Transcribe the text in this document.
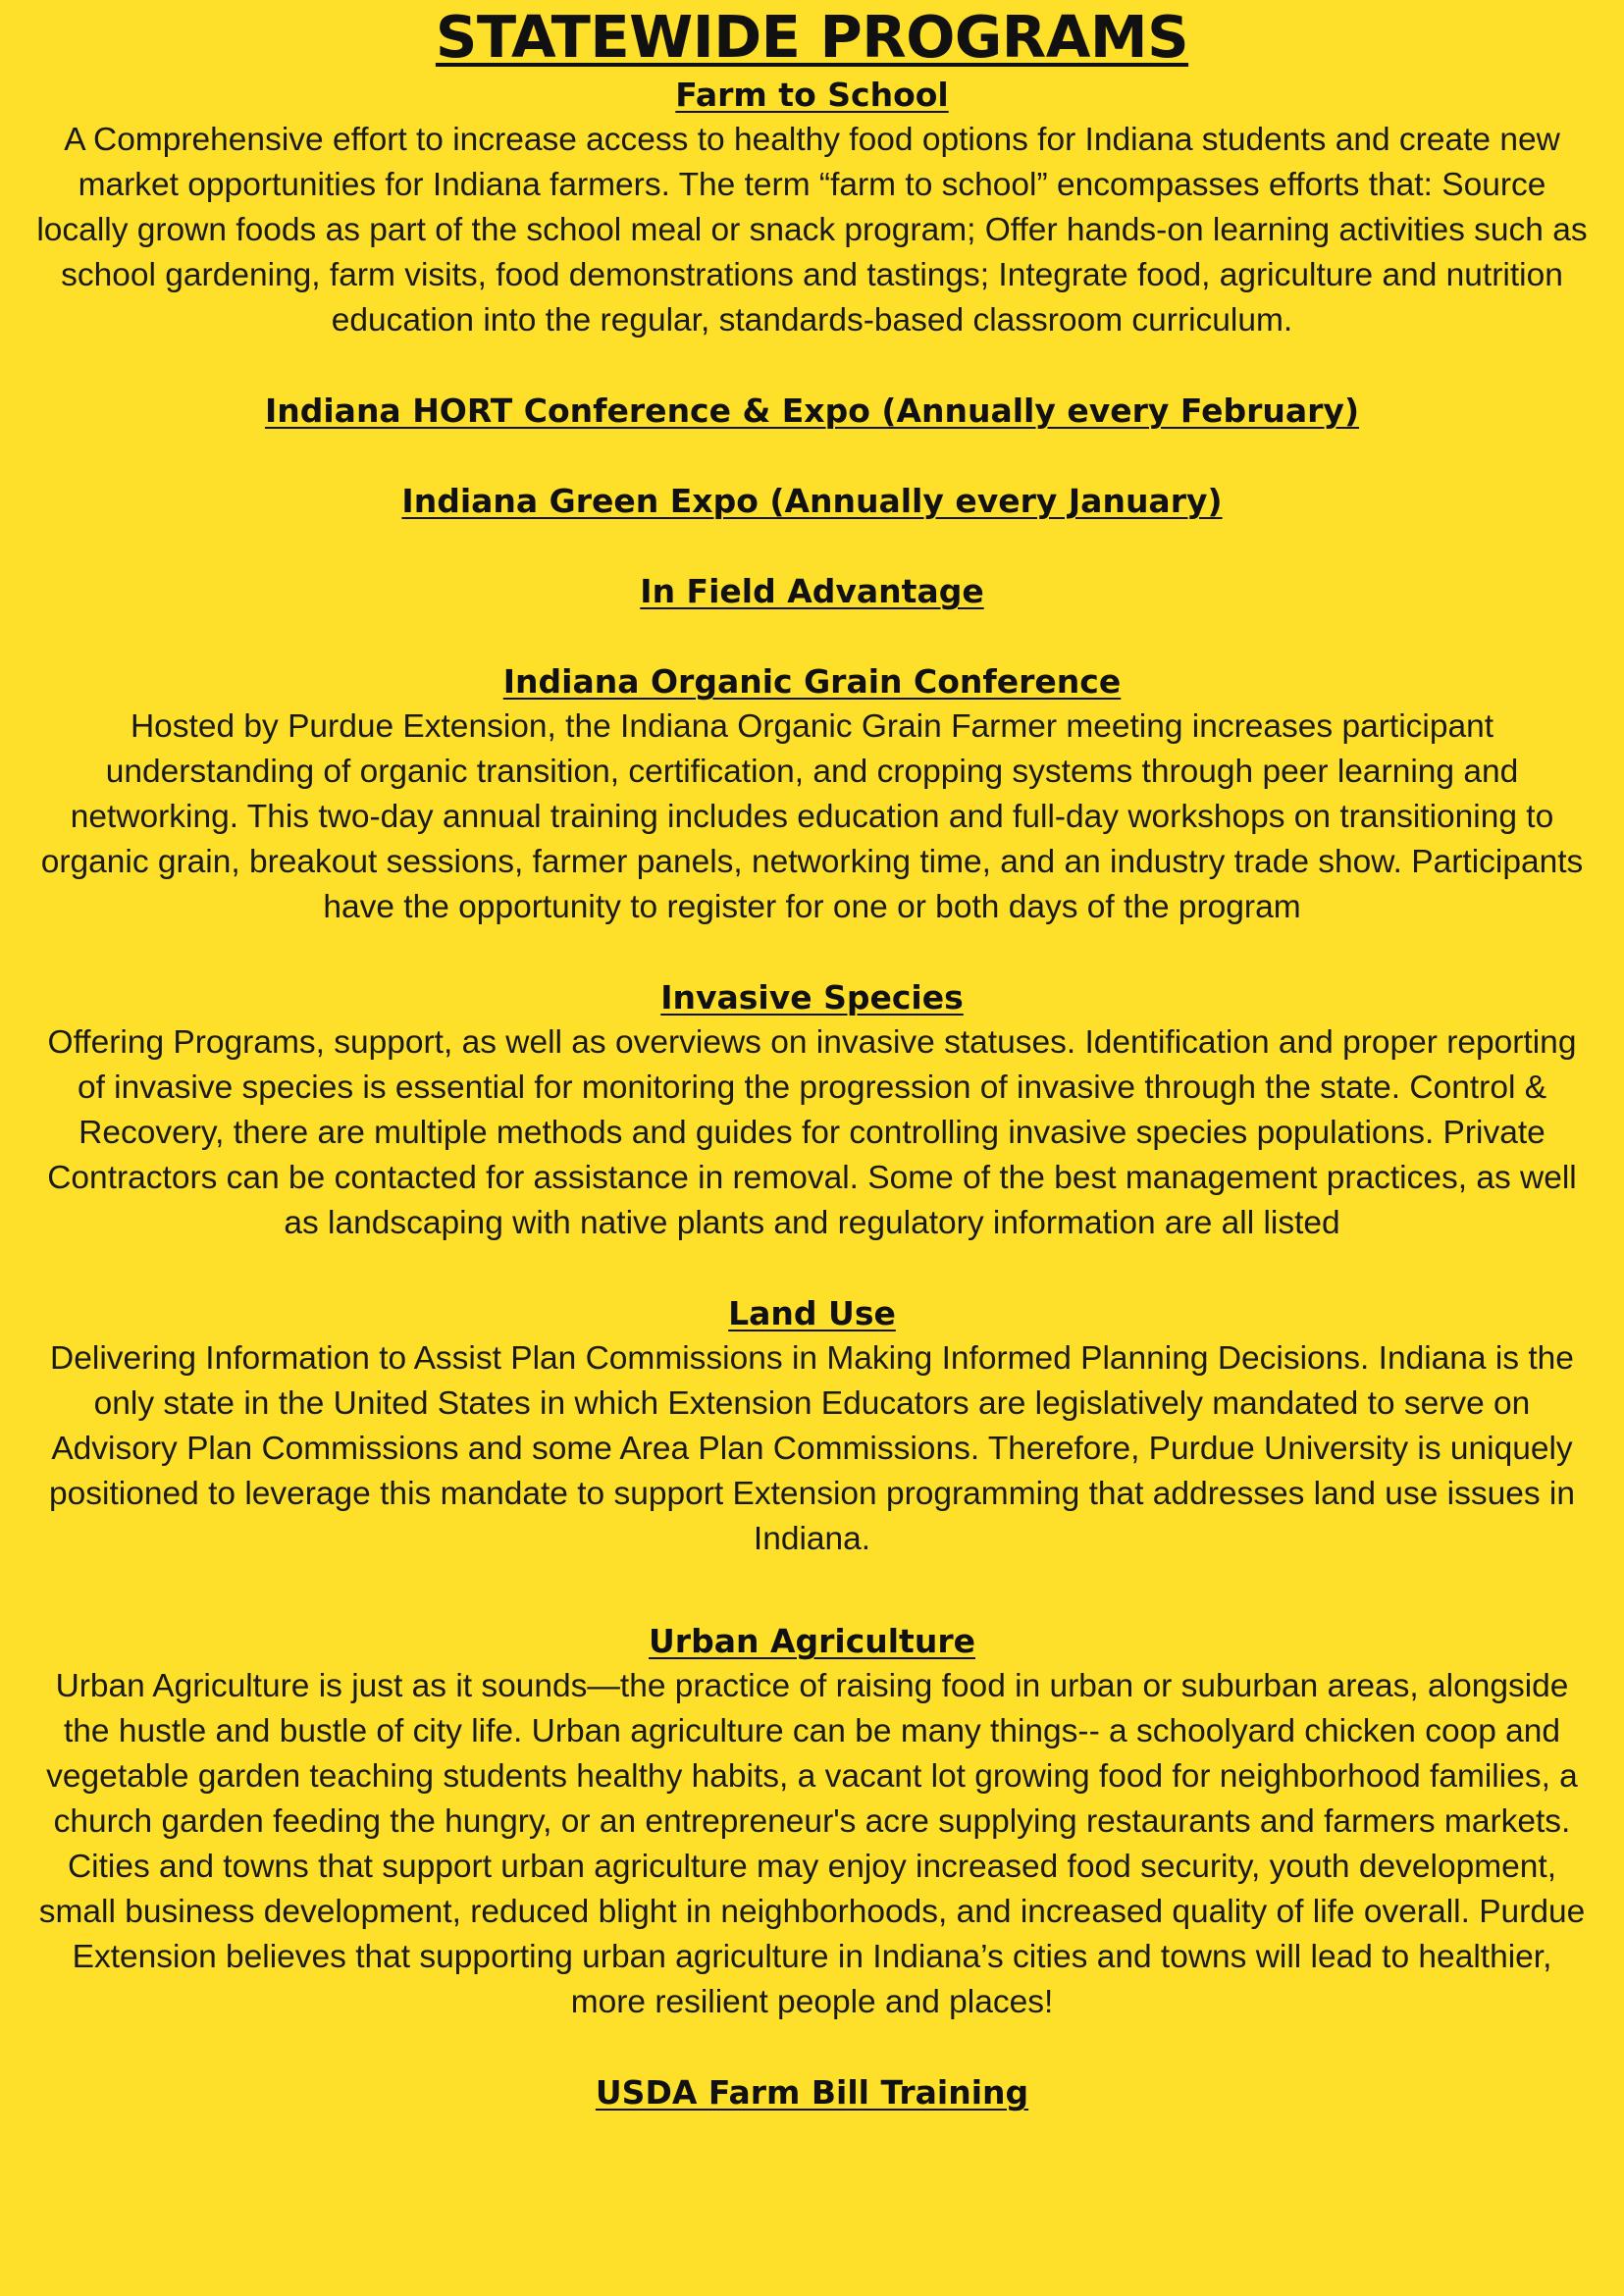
STATEWIDE PROGRAMS
Farm to School

A Comprehensive effort to increase access to healthy food options for Indiana students and create new market opportunities for Indiana farmers. The term “farm to school” encompasses efforts that: Source locally grown foods as part of the school meal or snack program; Offer hands-on learning activities such as school gardening, farm visits, food demonstrations and tastings; Integrate food, agriculture and nutrition education into the regular, standards-based classroom curriculum.

Indiana HORT Conference & Expo (Annually every February)
Indiana Green Expo (Annually every January)
In Field Advantage
Indiana Organic Grain Conference

Hosted by Purdue Extension, the Indiana Organic Grain Farmer meeting increases participant understanding of organic transition, certification, and cropping systems through peer learning and networking. This two-day annual training includes education and full-day workshops on transitioning to organic grain, breakout sessions, farmer panels, networking time, and an industry trade show. Participants have the opportunity to register for one or both days of the program

Invasive Species

Offering Programs, support, as well as overviews on invasive statuses. Identification and proper reporting of invasive species is essential for monitoring the progression of invasive through the state. Control & Recovery, there are multiple methods and guides for controlling invasive species populations. Private Contractors can be contacted for assistance in removal. Some of the best management practices, as well as landscaping with native plants and regulatory information are all listed

Land Use

Delivering Information to Assist Plan Commissions in Making Informed Planning Decisions. Indiana is the only state in the United States in which Extension Educators are legislatively mandated to serve on Advisory Plan Commissions and some Area Plan Commissions. Therefore, Purdue University is uniquely positioned to leverage this mandate to support Extension programming that addresses land use issues in Indiana.

Urban Agriculture

Urban Agriculture is just as it sounds—the practice of raising food in urban or suburban areas, alongside the hustle and bustle of city life. Urban agriculture can be many things-- a schoolyard chicken coop and vegetable garden teaching students healthy habits, a vacant lot growing food for neighborhood families, a church garden feeding the hungry, or an entrepreneur's acre supplying restaurants and farmers markets. Cities and towns that support urban agriculture may enjoy increased food security, youth development, small business development, reduced blight in neighborhoods, and increased quality of life overall. Purdue Extension believes that supporting urban agriculture in Indiana’s cities and towns will lead to healthier, more resilient people and places!

USDA Farm Bill Training
